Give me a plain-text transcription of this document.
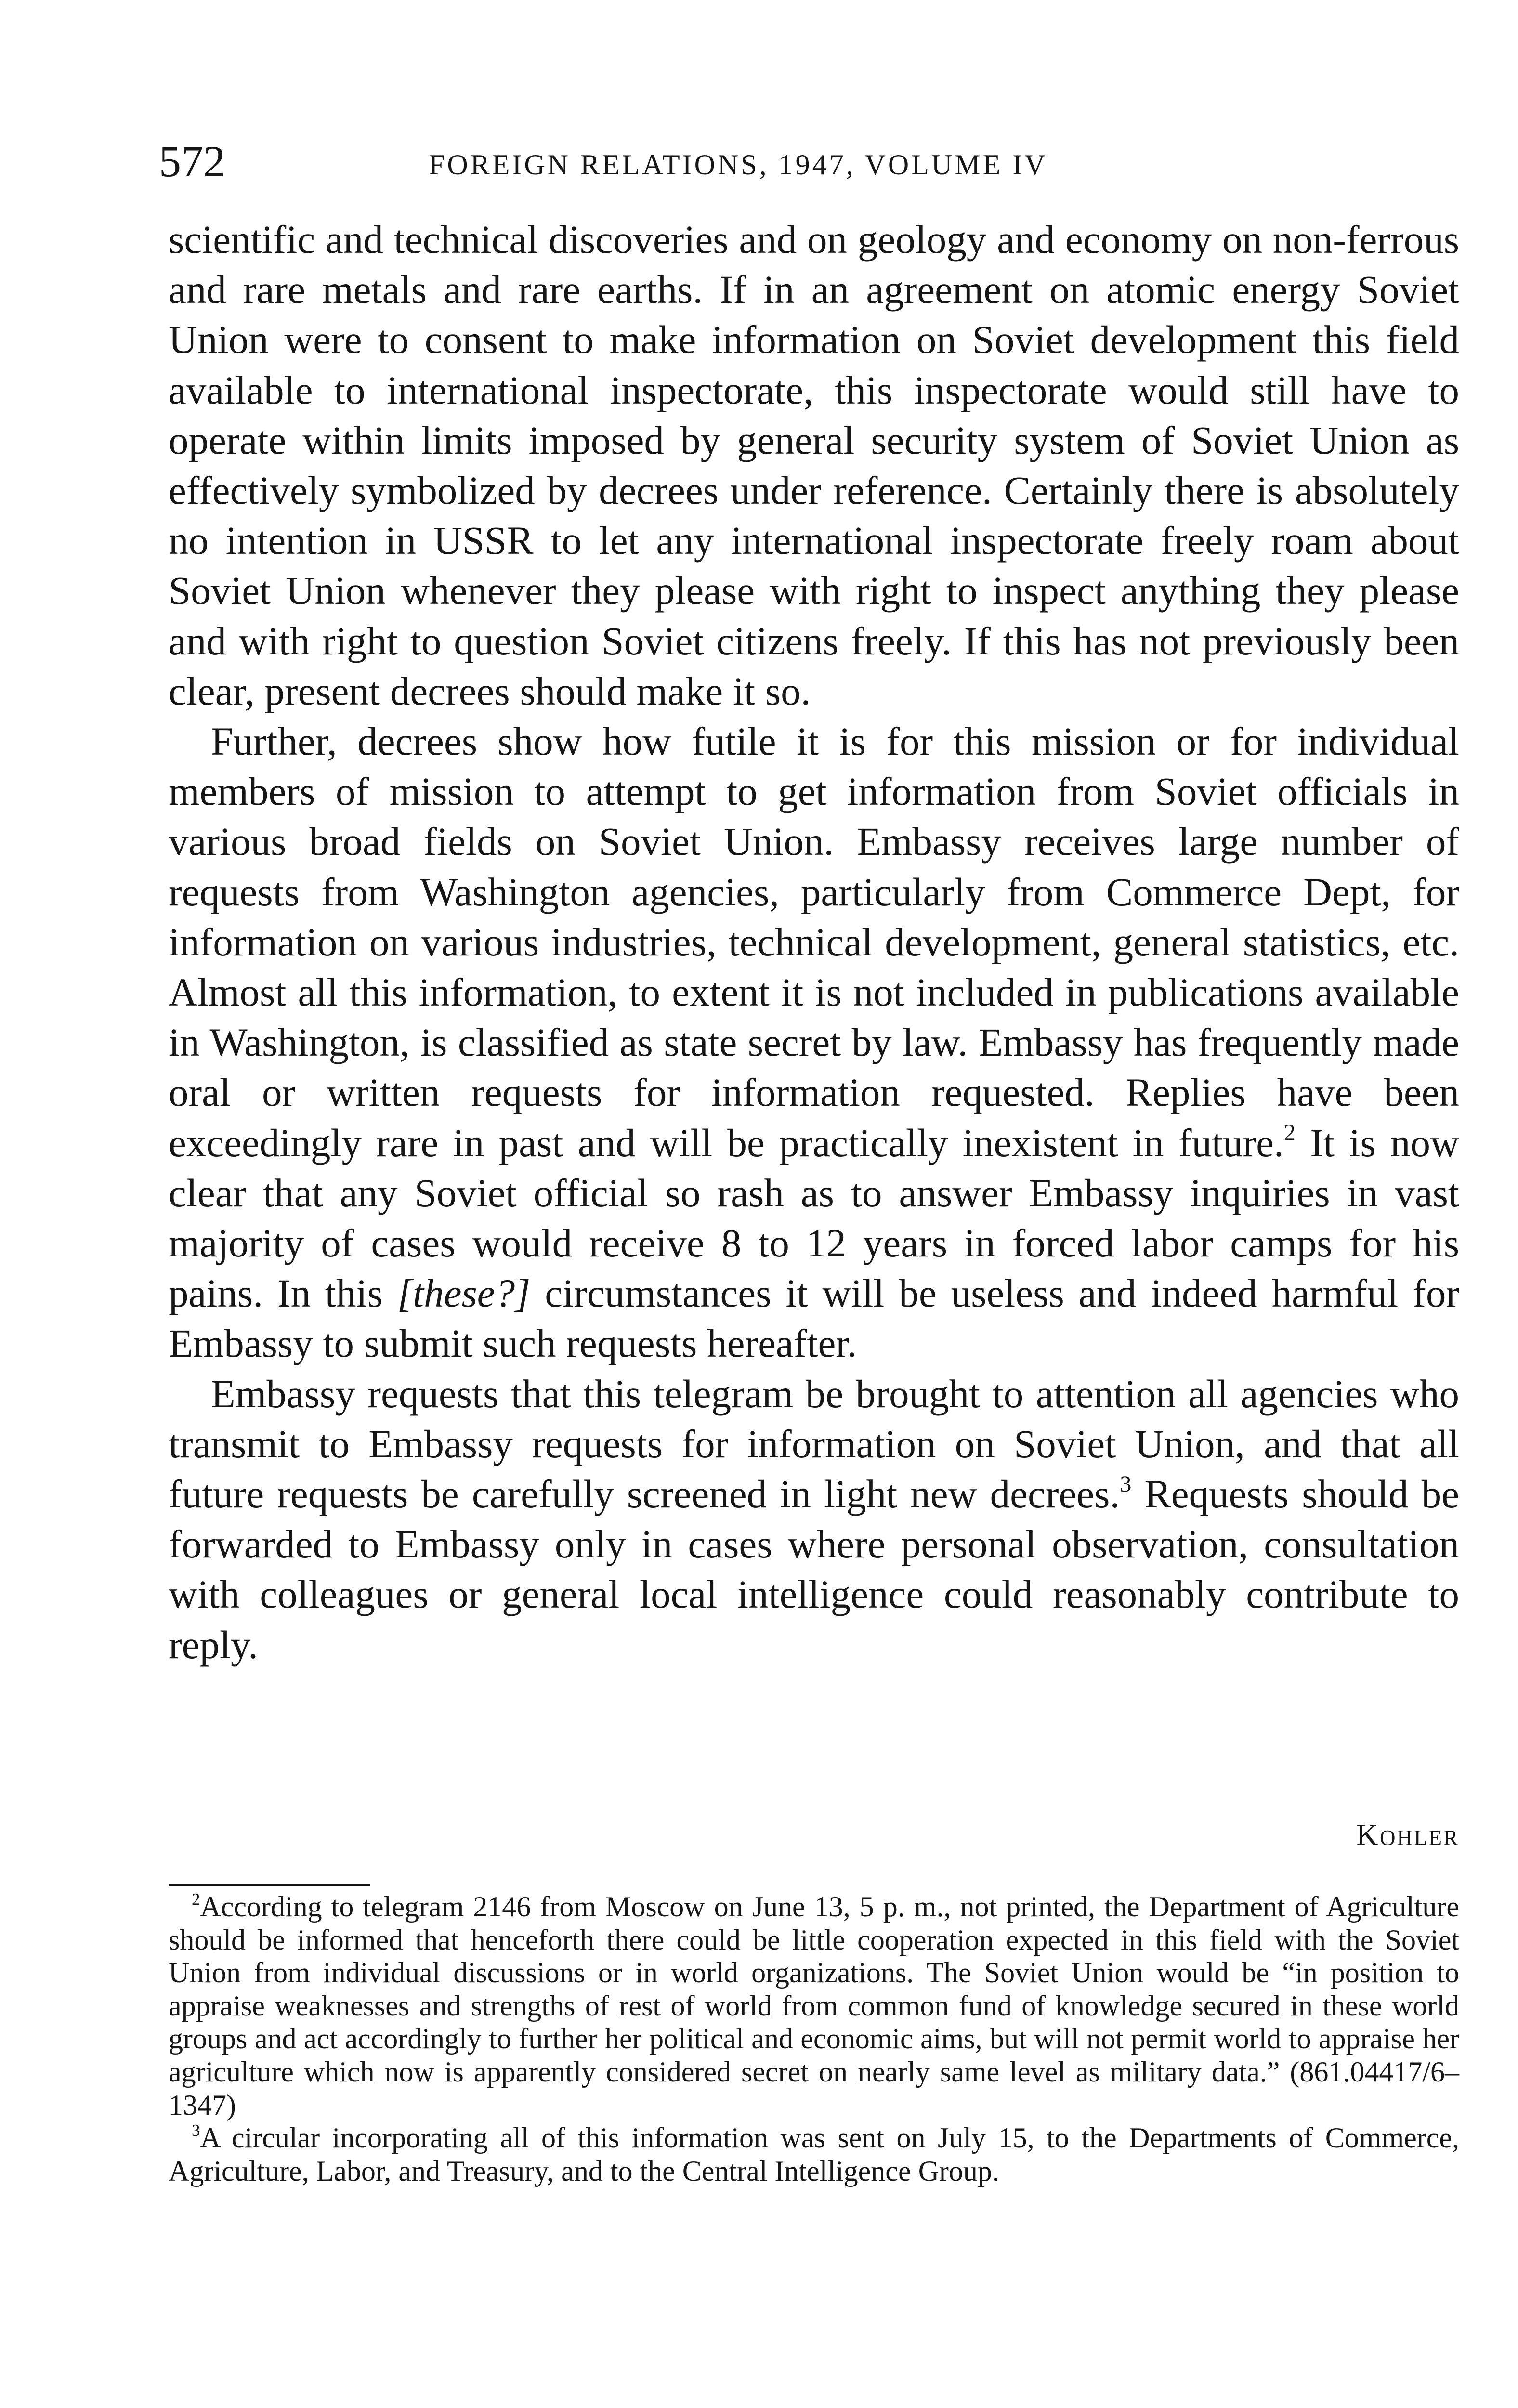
572	FOREIGN RELATIONS, 1947, VOLUME IV

scientific and technical discoveries and on geology and economy on non-ferrous and rare metals and rare earths. If in an agreement on atomic energy Soviet Union were to consent to make information on Soviet development this field available to international inspectorate, this inspectorate would still have to operate within limits imposed by general security system of Soviet Union as effectively symbolized by decrees under reference. Certainly there is absolutely no intention in USSR to let any international inspectorate freely roam about Soviet Union whenever they please with right to inspect anything they please and with right to question Soviet citizens freely. If this has not previously been clear, present decrees should make it so.

Further, decrees show how futile it is for this mission or for individual members of mission to attempt to get information from Soviet officials in various broad fields on Soviet Union. Embassy receives large number of requests from Washington agencies, particularly from Commerce Dept, for information on various industries, technical development, general statistics, etc. Almost all this information, to extent it is not included in publications available in Washington, is classified as state secret by law. Embassy has frequently made oral or written requests for information requested. Replies have been exceedingly rare in past and will be practically inexistent in future.$^2$ It is now clear that any Soviet official so rash as to answer Embassy inquiries in vast majority of cases would receive 8 to 12 years in forced labor camps for his pains. In this [these?] circumstances it will be useless and indeed harmful for Embassy to submit such requests hereafter.

Embassy requests that this telegram be brought to attention all agencies who transmit to Embassy requests for information on Soviet Union, and that all future requests be carefully screened in light new decrees.$^3$ Requests should be forwarded to Embassy only in cases where personal observation, consultation with colleagues or general local intelligence could reasonably contribute to reply.

Kohler

$^2$According to telegram 2146 from Moscow on June 13, 5 p. m., not printed, the Department of Agriculture should be informed that henceforth there could be little cooperation expected in this field with the Soviet Union from individual discussions or in world organizations. The Soviet Union would be “in position to appraise weaknesses and strengths of rest of world from common fund of knowledge secured in these world groups and act accordingly to further her political and economic aims, but will not permit world to appraise her agriculture which now is apparently considered secret on nearly same level as military data.” (861.04417/6–1347)

$^3$A circular incorporating all of this information was sent on July 15, to the Departments of Commerce, Agriculture, Labor, and Treasury, and to the Central Intelligence Group.
